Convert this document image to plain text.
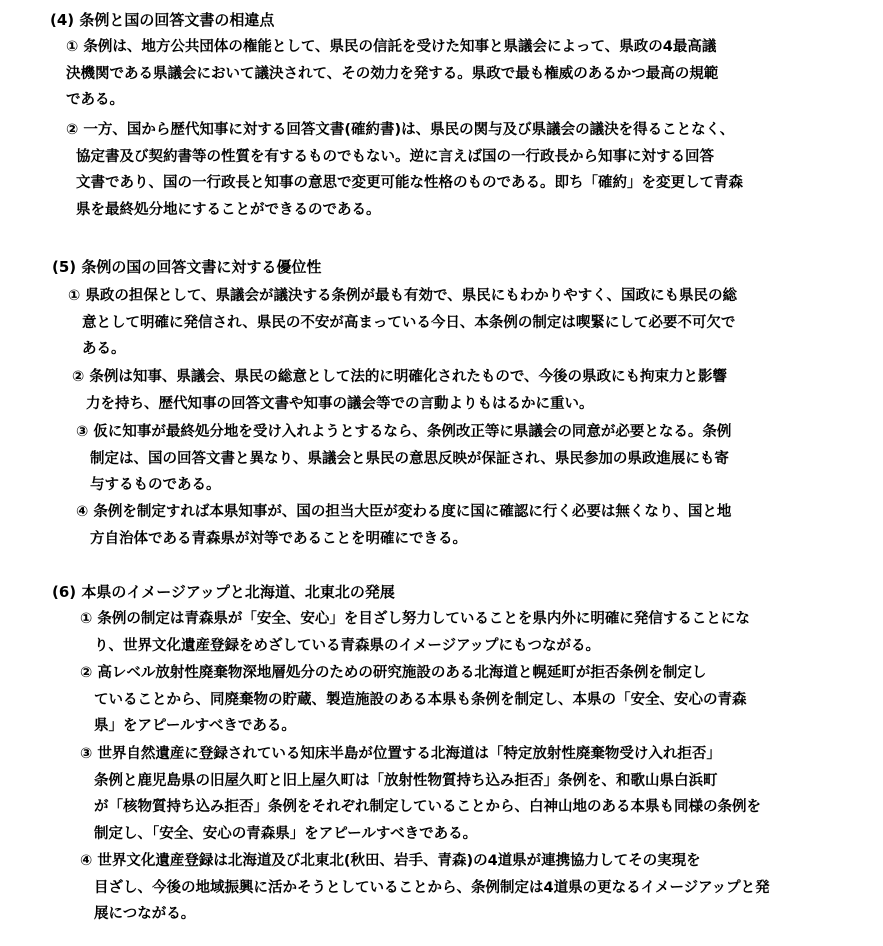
(4) 条例と国の回答文書の相違点
① 条例は、地方公共団体の権能として、県民の信託を受けた知事と県議会によって、県政の4最高議
決機関である県議会において議決されて、その効力を発する。県政で最も権威のあるかつ最高の規範
である。
② 一方、国から歴代知事に対する回答文書(確約書)は、県民の関与及び県議会の議決を得ることなく、
協定書及び契約書等の性質を有するものでもない。逆に言えば国の一行政長から知事に対する回答
文書であり、国の一行政長と知事の意思で変更可能な性格のものである。即ち「確約」を変更して青森
県を最終処分地にすることができるのである。
(5) 条例の国の回答文書に対する優位性
① 県政の担保として、県議会が議決する条例が最も有効で、県民にもわかりやすく、国政にも県民の総
意として明確に発信され、県民の不安が高まっている今日、本条例の制定は喫緊にして必要不可欠で
ある。
② 条例は知事、県議会、県民の総意として法的に明確化されたもので、今後の県政にも拘束力と影響
力を持ち、歴代知事の回答文書や知事の議会等での言動よりもはるかに重い。
③ 仮に知事が最終処分地を受け入れようとするなら、条例改正等に県議会の同意が必要となる。条例
制定は、国の回答文書と異なり、県議会と県民の意思反映が保証され、県民参加の県政進展にも寄
与するものである。
④ 条例を制定すれば本県知事が、国の担当大臣が変わる度に国に確認に行く必要は無くなり、国と地
方自治体である青森県が対等であることを明確にできる。
(6) 本県のイメージアップと北海道、北東北の発展
① 条例の制定は青森県が「安全、安心」を目ざし努力していることを県内外に明確に発信することにな
り、世界文化遺産登録をめざしている青森県のイメージアップにもつながる。
② 高レベル放射性廃棄物深地層処分のための研究施設のある北海道と幌延町が拒否条例を制定し
ていることから、同廃棄物の貯蔵、製造施設のある本県も条例を制定し、本県の「安全、安心の青森
県」をアピールすべきである。
③ 世界自然遺産に登録されている知床半島が位置する北海道は「特定放射性廃棄物受け入れ拒否」
条例と鹿児島県の旧屋久町と旧上屋久町は「放射性物質持ち込み拒否」条例を、和歌山県白浜町
が「核物質持ち込み拒否」条例をそれぞれ制定していることから、白神山地のある本県も同様の条例を
制定し、「安全、安心の青森県」をアピールすべきである。
④ 世界文化遺産登録は北海道及び北東北(秋田、岩手、青森)の4道県が連携協力してその実現を
目ざし、今後の地域振興に活かそうとしていることから、条例制定は4道県の更なるイメージアップと発
展につながる。
